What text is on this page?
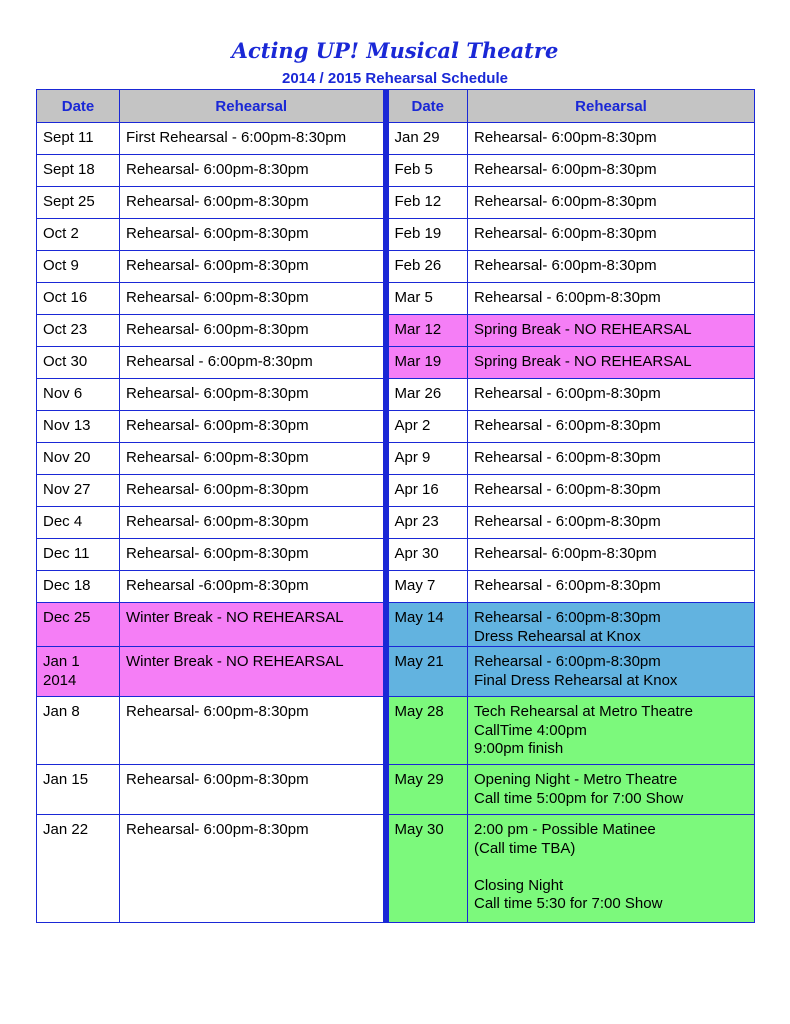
Acting UP! Musical Theatre
2014 / 2015 Rehearsal Schedule
Date	Rehearsal	Date	Rehearsal
Sept 11	First Rehearsal - 6:00pm-8:30pm	Jan 29	Rehearsal- 6:00pm-8:30pm
Sept 18	Rehearsal- 6:00pm-8:30pm	Feb 5	Rehearsal- 6:00pm-8:30pm
Sept 25	Rehearsal- 6:00pm-8:30pm	Feb 12	Rehearsal- 6:00pm-8:30pm
Oct 2	Rehearsal- 6:00pm-8:30pm	Feb 19	Rehearsal- 6:00pm-8:30pm
Oct 9	Rehearsal- 6:00pm-8:30pm	Feb 26	Rehearsal- 6:00pm-8:30pm
Oct 16	Rehearsal- 6:00pm-8:30pm	Mar 5	Rehearsal - 6:00pm-8:30pm
Oct 23	Rehearsal- 6:00pm-8:30pm	Mar 12	Spring Break - NO REHEARSAL
Oct 30	Rehearsal - 6:00pm-8:30pm	Mar 19	Spring Break - NO REHEARSAL
Nov 6	Rehearsal- 6:00pm-8:30pm	Mar 26	Rehearsal - 6:00pm-8:30pm
Nov 13	Rehearsal- 6:00pm-8:30pm	Apr 2	Rehearsal - 6:00pm-8:30pm
Nov 20	Rehearsal- 6:00pm-8:30pm	Apr 9	Rehearsal - 6:00pm-8:30pm
Nov 27	Rehearsal- 6:00pm-8:30pm	Apr 16	Rehearsal - 6:00pm-8:30pm
Dec 4	Rehearsal- 6:00pm-8:30pm	Apr 23	Rehearsal - 6:00pm-8:30pm
Dec 11	Rehearsal- 6:00pm-8:30pm	Apr 30	Rehearsal- 6:00pm-8:30pm
Dec 18	Rehearsal -6:00pm-8:30pm	May 7	Rehearsal - 6:00pm-8:30pm
Dec 25	Winter Break - NO REHEARSAL	May 14	Rehearsal - 6:00pm-8:30pm
Dress Rehearsal at Knox
Jan 1
2014	Winter Break - NO REHEARSAL	May 21	Rehearsal - 6:00pm-8:30pm
Final Dress Rehearsal at Knox
Jan 8	Rehearsal- 6:00pm-8:30pm	May 28	Tech Rehearsal at Metro Theatre
CallTime 4:00pm
9:00pm finish
Jan 15	Rehearsal- 6:00pm-8:30pm	May 29	Opening Night - Metro Theatre
Call time 5:00pm for 7:00 Show
Jan 22	Rehearsal- 6:00pm-8:30pm	May 30	2:00 pm - Possible Matinee
(Call time TBA)

Closing Night
Call time 5:30 for 7:00 Show
